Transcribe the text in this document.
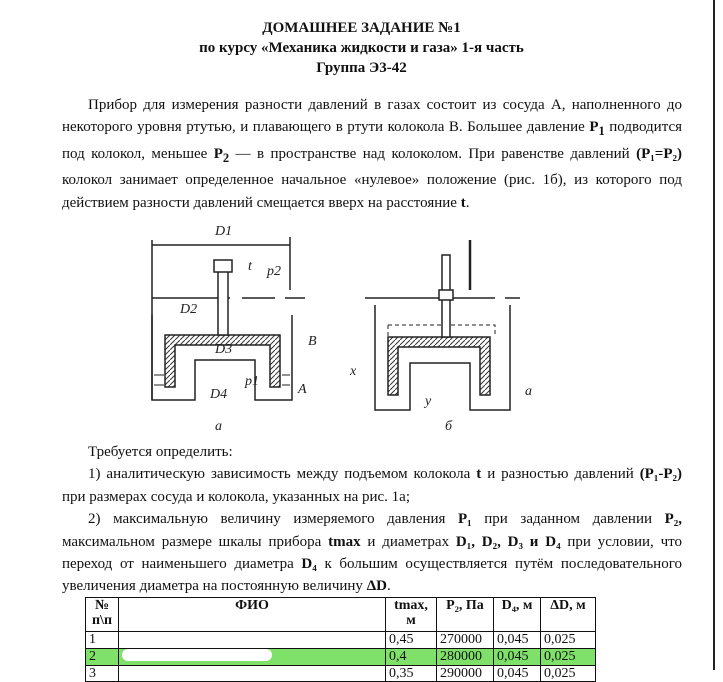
ДОМАШНЕЕ ЗАДАНИЕ №1
по курсу «Механика жидкости и газа» 1-я часть
Группа Э3-42
Прибор для измерения разности давлений в газах состоит из сосуда А, наполненного до некоторого уровня ртутью, и плавающего в ртути колокола В. Большее давление $P_1$ подводится под колокол, меньшее $P_2$ — в пространстве над колоколом. При равенстве давлений (P₁=P₂) колокол занимает определенное начальное «нулевое» положение (рис. 1б), из которого под действием разности давлений смещается вверх на расстояние t.
D1
D2
D3
D4
p2
p1
t
B
A
а
x
y
a
б
Требуется определить:
1) аналитическую зависимость между подъемом колокола t и разностью давлений (P₁-P₂) при размерах сосуда и колокола, указанных на рис. 1а;
2) максимальную величину измеряемого давления P₁ при заданном давлении P₂, максимальном размере шкалы прибора tmax и диаметрах D₁, D₂, D₃ и D₄ при условии, что переход от наименьшего диаметра D₄ к большим осуществляется путём последовательного увеличения диаметра на постоянную величину ΔD.
№ п\п	ФИО	tmax, м	P₂, Па	D₄, м	ΔD, м
1		0,45	270000	0,045	0,025
2		0,4	280000	0,045	0,025
3		0,35	290000	0,045	0,025
